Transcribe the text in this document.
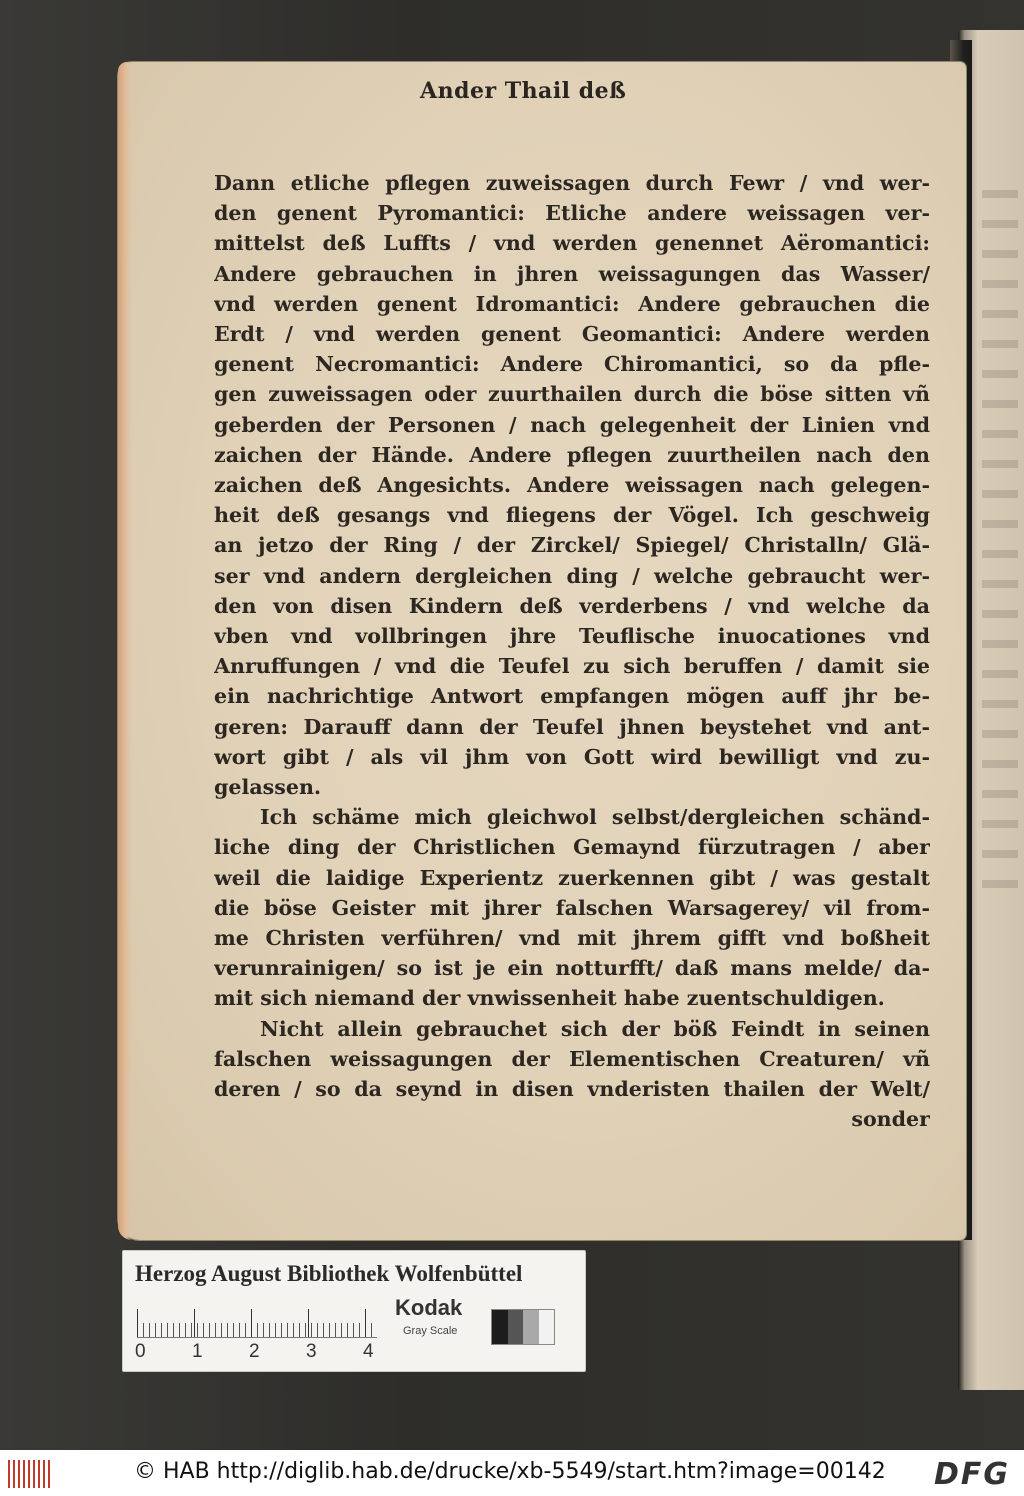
Ander Thail deß

Dann etliche pflegen zuweissagen durch Fewr / vnd wer-
den genent Pyromantici: Etliche andere weissagen ver-
mittelst deß Luffts / vnd werden genennet Aëromantici:
Andere gebrauchen in jhren weissagungen das Wasser/
vnd werden genent Idromantici: Andere gebrauchen die
Erdt / vnd werden genent Geomantici: Andere werden
genent Necromantici: Andere Chiromantici, so da pfle-
gen zuweissagen oder zuurthailen durch die böse sitten vñ
geberden der Personen / nach gelegenheit der Linien vnd
zaichen der Hände. Andere pflegen zuurtheilen nach den
zaichen deß Angesichts. Andere weissagen nach gelegen-
heit deß gesangs vnd fliegens der Vögel. Ich geschweig
an jetzo der Ring / der Zirckel/ Spiegel/ Christalln/ Glä-
ser vnd andern dergleichen ding / welche gebraucht wer-
den von disen Kindern deß verderbens / vnd welche da
vben vnd vollbringen jhre Teuflische inuocationes vnd
Anruffungen / vnd die Teufel zu sich beruffen / damit sie
ein nachrichtige Antwort empfangen mögen auff jhr be-
geren: Darauff dann der Teufel jhnen beystehet vnd ant-
wort gibt / als vil jhm von Gott wird bewilligt vnd zu-
gelassen.
Ich schäme mich gleichwol selbst/dergleichen schänd-
liche ding der Christlichen Gemaynd fürzutragen / aber
weil die laidige Experientz zuerkennen gibt / was gestalt
die böse Geister mit jhrer falschen Warsagerey/ vil from-
me Christen verführen/ vnd mit jhrem gifft vnd boßheit
verunrainigen/ so ist je ein notturfft/ daß mans melde/ da-
mit sich niemand der vnwissenheit habe zuentschuldigen.
Nicht allein gebrauchet sich der böß Feindt in seinen
falschen weissagungen der Elementischen Creaturen/ vñ
deren / so da seynd in disen vnderisten thailen der Welt/
sonder

Herzog August Bibliothek Wolfenbüttel

0 1 2 3 4

Kodak

Gray Scale

© HAB http://diglib.hab.de/drucke/xb-5549/start.htm?image=00142 DFG
